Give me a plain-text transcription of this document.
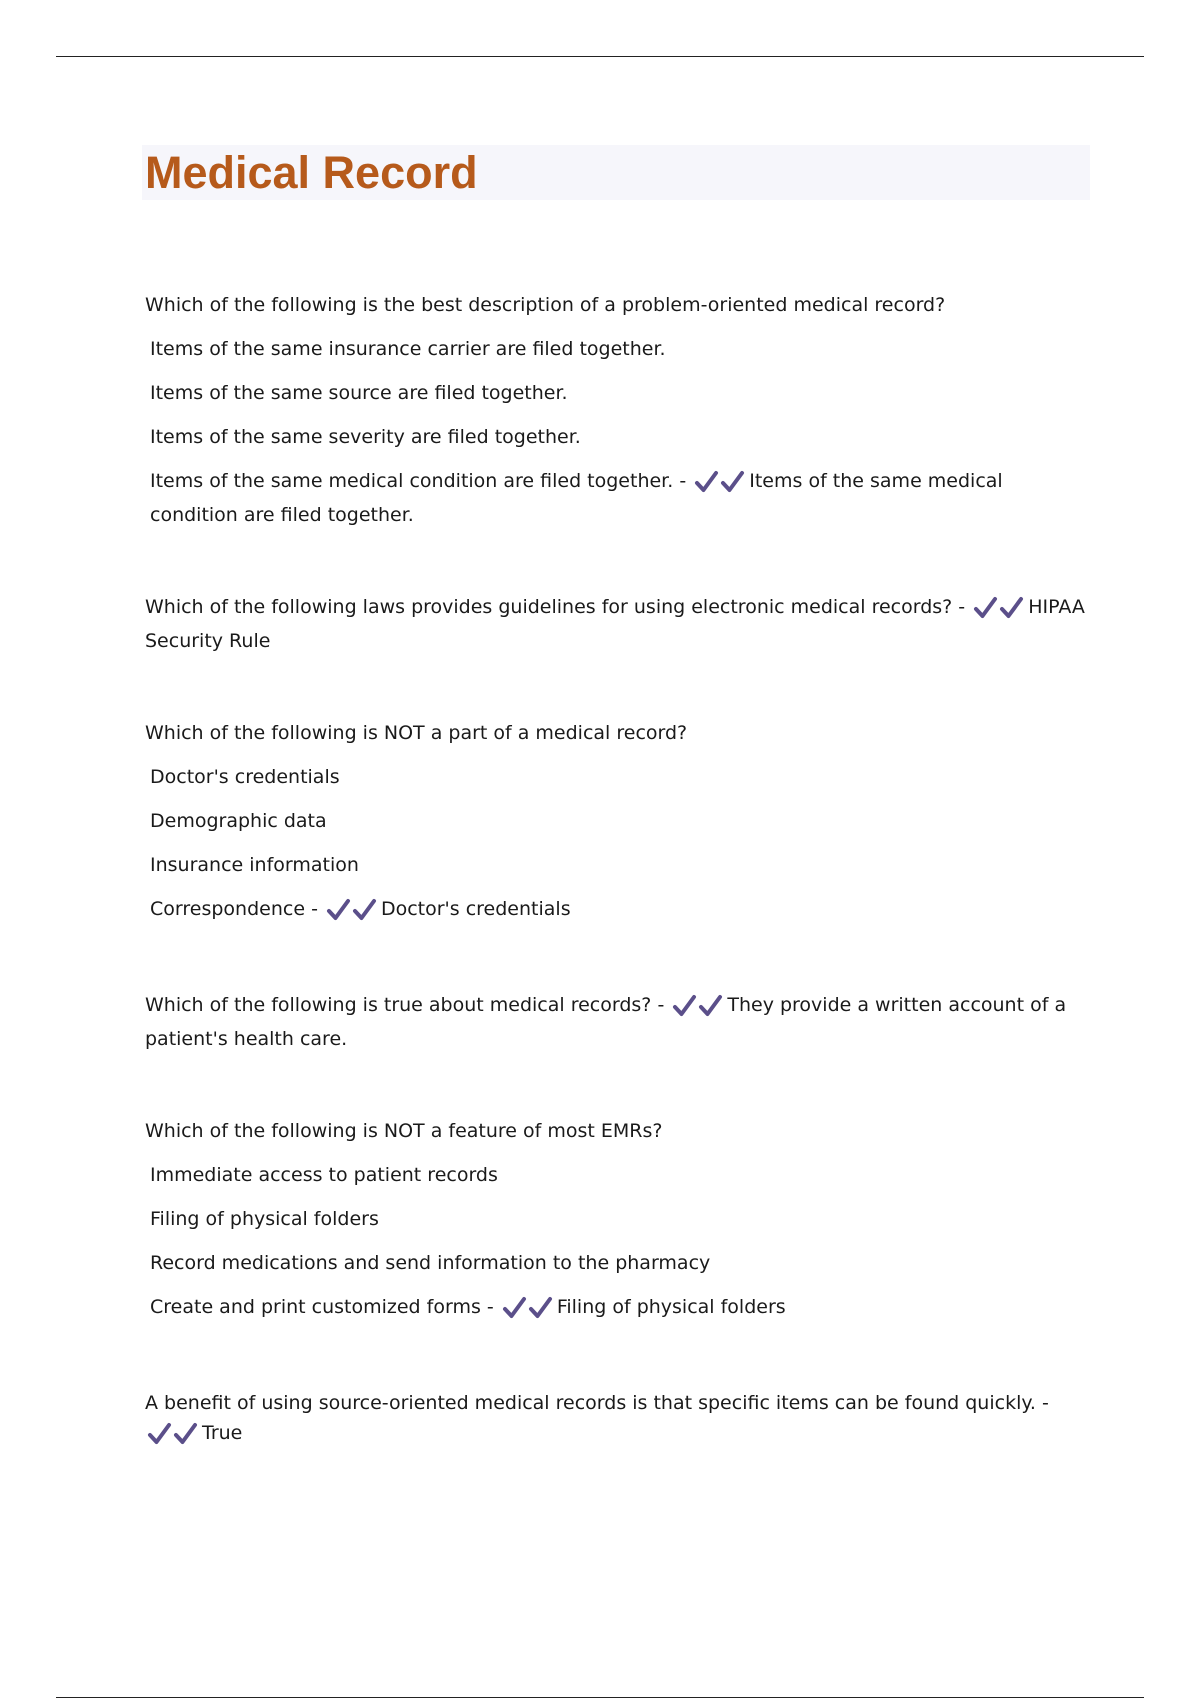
Medical Record

Which of the following is the best description of a problem-oriented medical record?

Items of the same insurance carrier are filed together.
Items of the same source are filed together.
Items of the same severity are filed together.
Items of the same medical condition are filed together. -	Items of the same medical condition are filed together.

Which of the following laws provides guidelines for using electronic medical records? -	HIPAA Security Rule

Which of the following is NOT a part of a medical record?

Doctor's credentials
Demographic data
Insurance information
Correspondence -	Doctor's credentials

Which of the following is true about medical records? -	They provide a written account of a patient's health care.

Which of the following is NOT a feature of most EMRs?

Immediate access to patient records
Filing of physical folders
Record medications and send information to the pharmacy
Create and print customized forms -	Filing of physical folders

A benefit of using source-oriented medical records is that specific items can be found quickly. -
True
